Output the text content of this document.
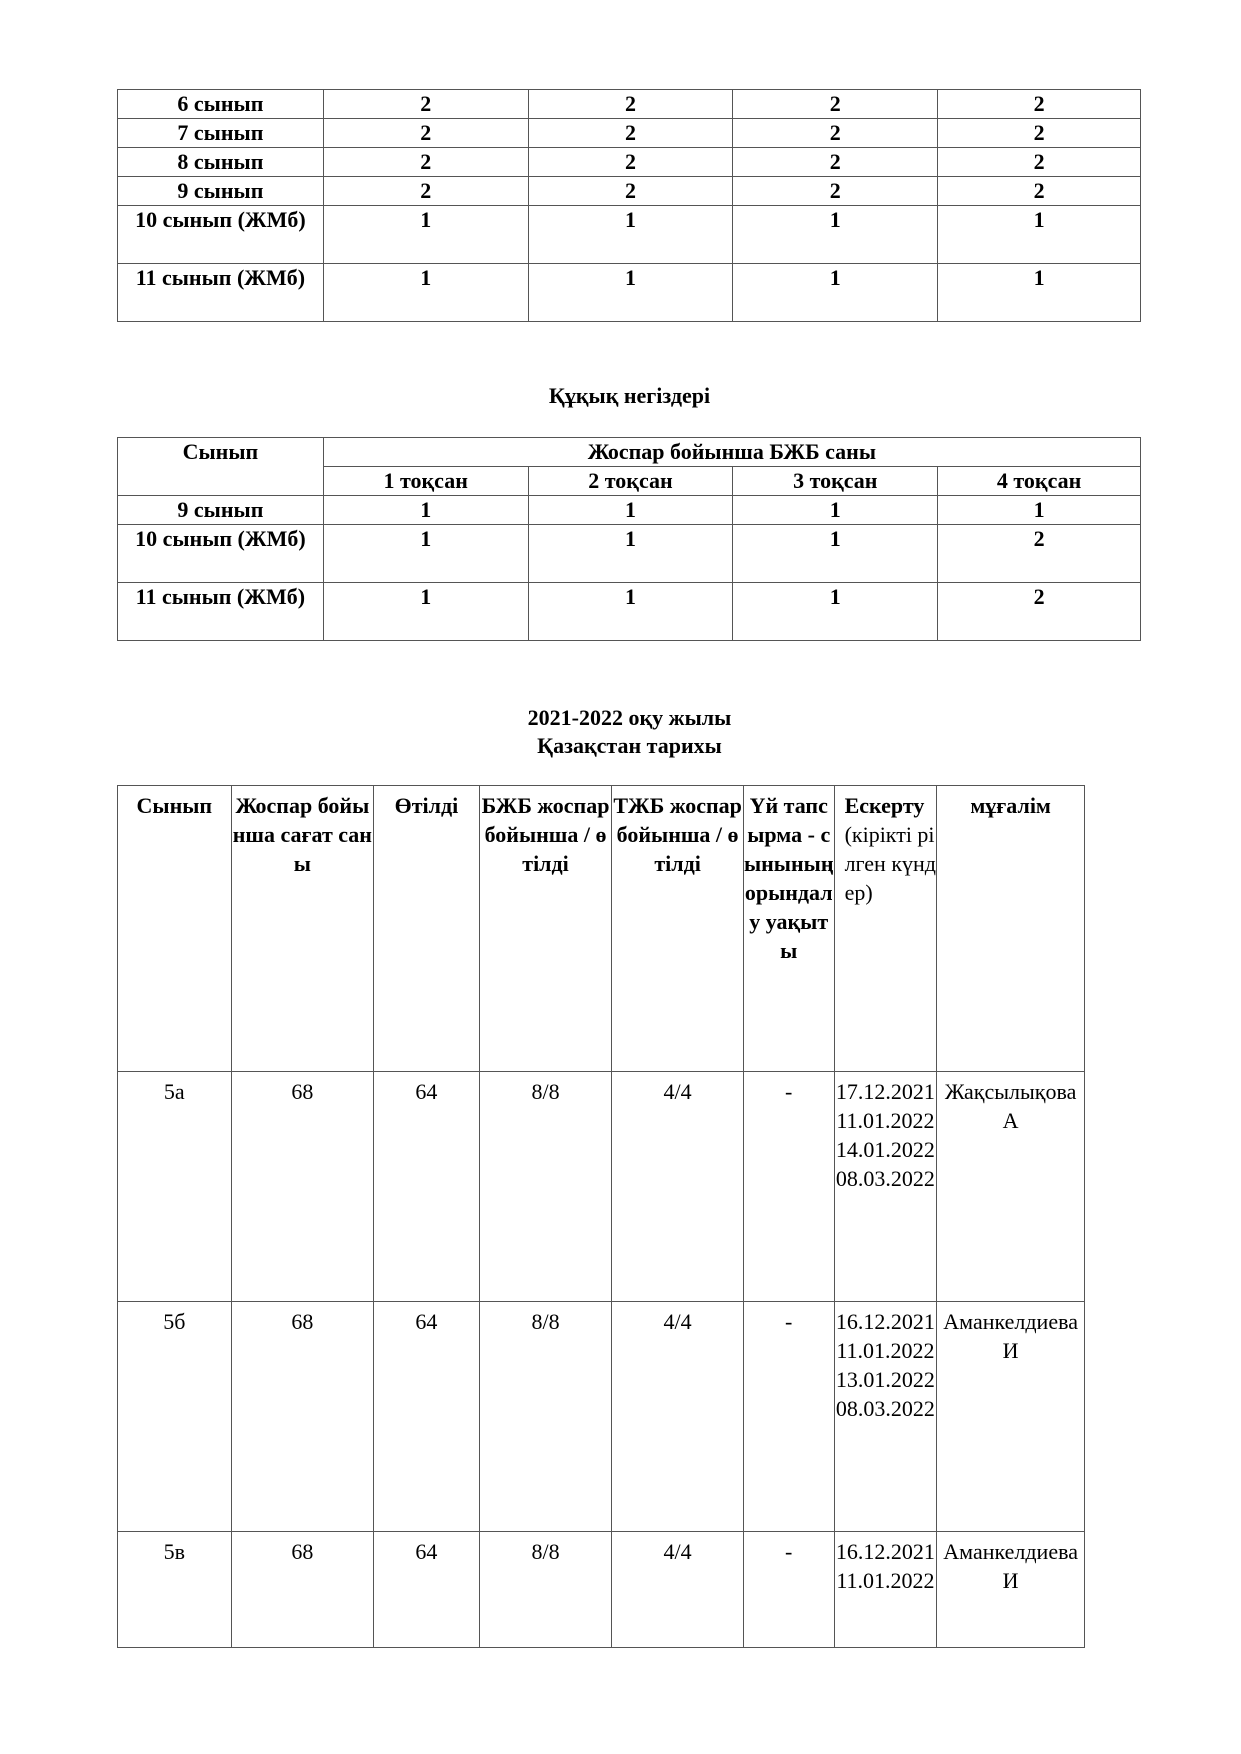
6 сынып	2	2	2	2
7 сынып	2	2	2	2
8 сынып	2	2	2	2
9 сынып	2	2	2	2
10 сынып (ЖМб)	1	1	1	1
11 сынып (ЖМб)	1	1	1	1
Құқық негіздері
Сынып	Жоспар бойынша БЖБ саны			
	1 тоқсан	2 тоқсан	3 тоқсан	4 тоқсан
9 сынып	1	1	1	1
10 сынып (ЖМб)	1	1	1	2
11 сынып (ЖМб)	1	1	1	2
2021-2022 оқу жылы
Қазақстан тарихы
Сынып	Жоспар бойынша сағат саны	Өтілді	БЖБ жоспар бойынша / өтілді	ТЖБ жоспар бойынша / өтілді	Үй тапсырма - сынының орындалу уақыты	Ескерту(кірікті рілген күндер)	мұғалім
5а	68	64	8/8	4/4	-	17.12.2021
11.01.2022
14.01.2022
08.03.2022	Жақсылықова А
5б	68	64	8/8	4/4	-	16.12.2021
11.01.2022
13.01.2022
08.03.2022	Аманкелдиева И
5в	68	64	8/8	4/4	-	16.12.2021
11.01.2022	Аманкелдиева И
